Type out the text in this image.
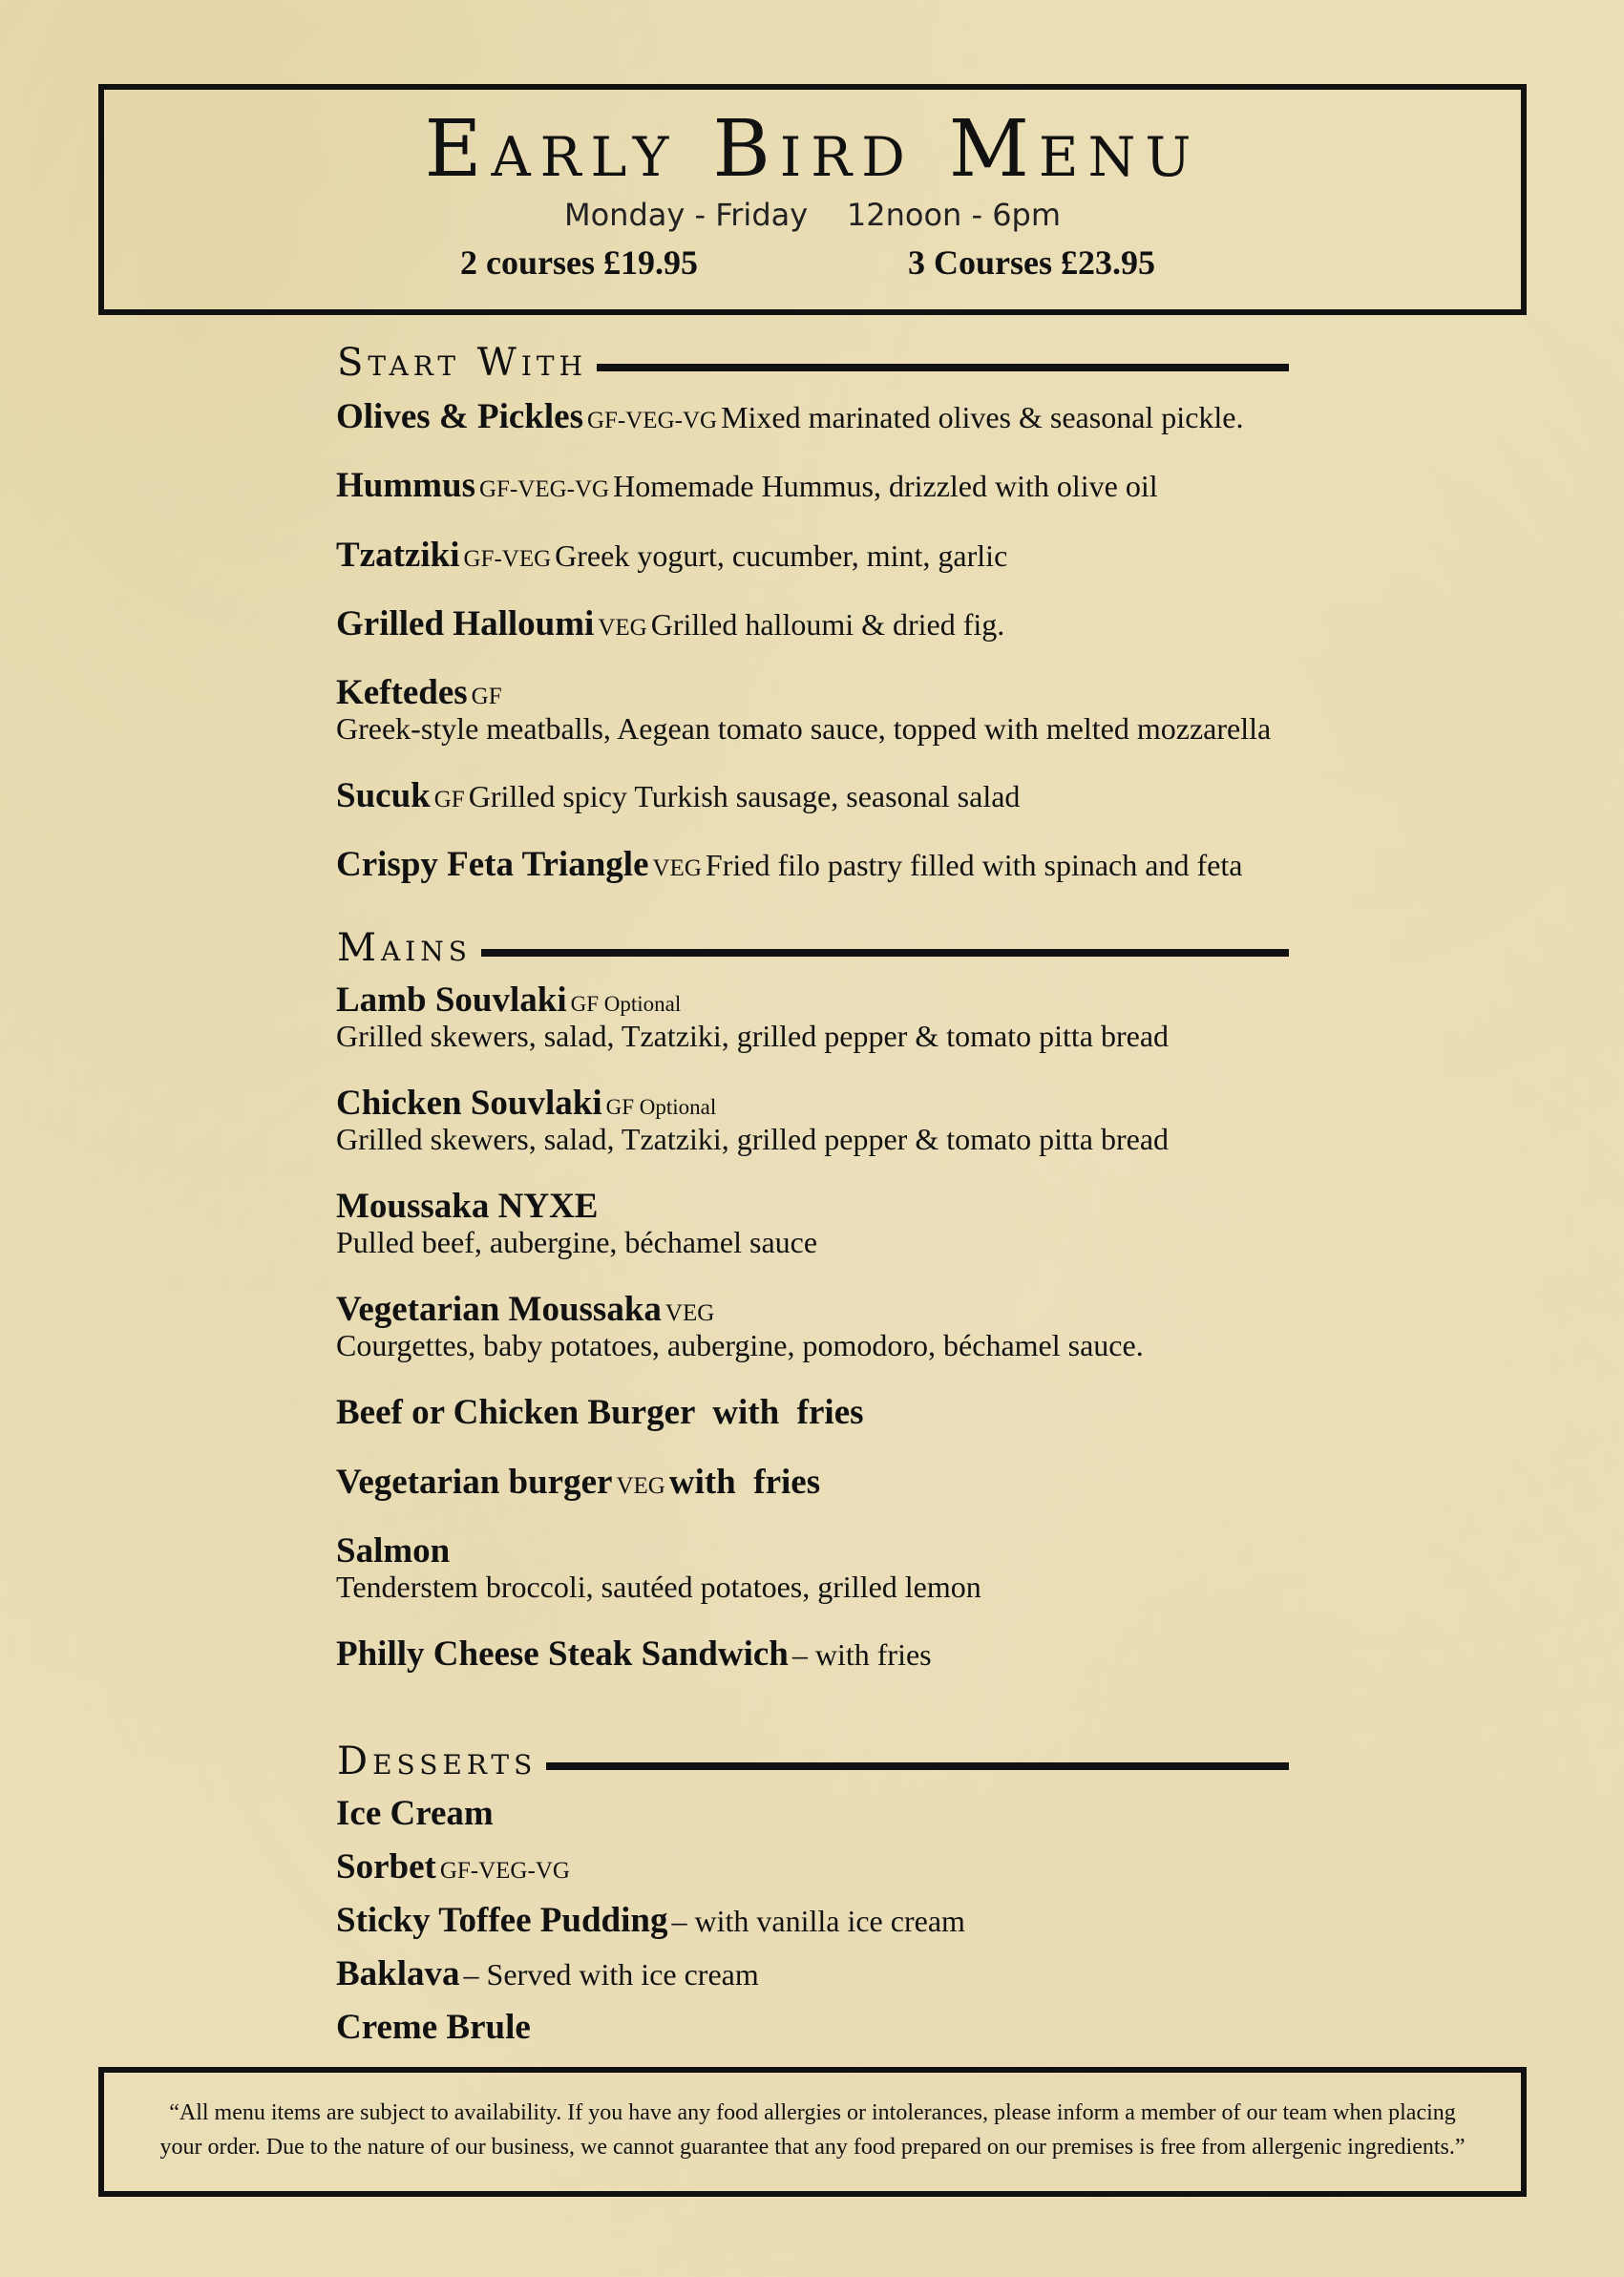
Early Bird Menu
Monday - Friday 12noon - 6pm
2 courses £19.95	3 Courses £23.95
Start With
Olives & Pickles GF-VEG-VG Mixed marinated olives & seasonal pickle.
Hummus GF-VEG-VG Homemade Hummus, drizzled with olive oil
Tzatziki GF-VEG Greek yogurt, cucumber, mint, garlic
Grilled Halloumi VEG Grilled halloumi & dried fig.
Keftedes GF
Greek-style meatballs, Aegean tomato sauce, topped with melted mozzarella
Sucuk GF Grilled spicy Turkish sausage, seasonal salad
Crispy Feta Triangle VEG Fried filo pastry filled with spinach and feta
Mains
Lamb Souvlaki GF Optional
Grilled skewers, salad, Tzatziki, grilled pepper & tomato pitta bread
Chicken Souvlaki GF Optional
Grilled skewers, salad, Tzatziki, grilled pepper & tomato pitta bread
Moussaka NYXE
Pulled beef, aubergine, béchamel sauce
Vegetarian Moussaka VEG
Courgettes, baby potatoes, aubergine, pomodoro, béchamel sauce.
Beef or Chicken Burger  with  fries
Vegetarian burger VEG with  fries
Salmon
Tenderstem broccoli, sautéed potatoes, grilled lemon
Philly Cheese Steak Sandwich – with fries
Desserts
Ice Cream
Sorbet GF-VEG-VG
Sticky Toffee Pudding – with vanilla ice cream
Baklava – Served with ice cream
Creme Brule
“All menu items are subject to availability. If you have any food allergies or intolerances, please inform a member of our team when placing
your order. Due to the nature of our business, we cannot guarantee that any food prepared on our premises is free from allergenic ingredients.”
